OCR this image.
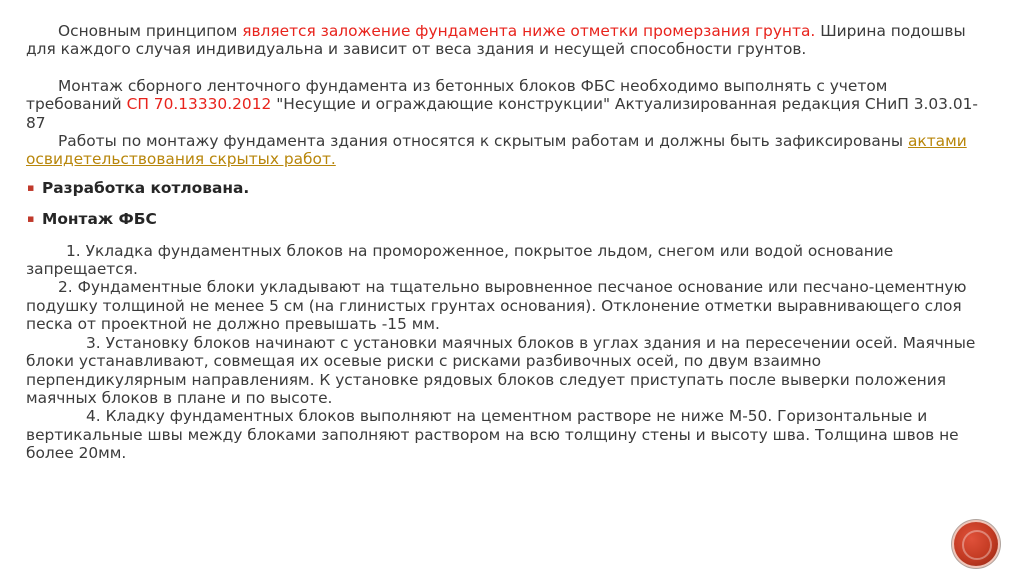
Основным принципом является заложение фундамента ниже отметки промерзания грунта. Ширина подошвы для каждого случая индивидуальна и зависит от веса здания и несущей способности грунтов.

Монтаж сборного ленточного фундамента из бетонных блоков ФБС необходимо выполнять с учетом требований СП 70.13330.2012 "Несущие и ограждающие конструкции" Актуализированная редакция СНиП 3.03.01-87

Работы по монтажу фундамента здания относятся к скрытым работам и должны быть зафиксированы актами освидетельствования скрытых работ.

▪ Разработка котлована.
▪ Монтаж ФБС

1. Укладка фундаментных блоков на промороженное, покрытое льдом, снегом или водой основание запрещается.

2. Фундаментные блоки укладывают на тщательно выровненное песчаное основание или песчано-цементную подушку толщиной не менее 5 см (на глинистых грунтах основания). Отклонение отметки выравнивающего слоя песка от проектной не должно превышать -15 мм.

3. Установку блоков начинают с установки маячных блоков в углах здания и на пересечении осей. Маячные блоки устанавливают, совмещая их осевые риски с рисками разбивочных осей, по двум взаимно перпендикулярным направлениям. К установке рядовых блоков следует приступать после выверки положения маячных блоков в плане и по высоте.

4. Кладку фундаментных блоков выполняют на цементном растворе не ниже М-50. Горизонтальные и вертикальные швы между блоками заполняют раствором на всю толщину стены и высоту шва. Толщина швов не более 20мм.
